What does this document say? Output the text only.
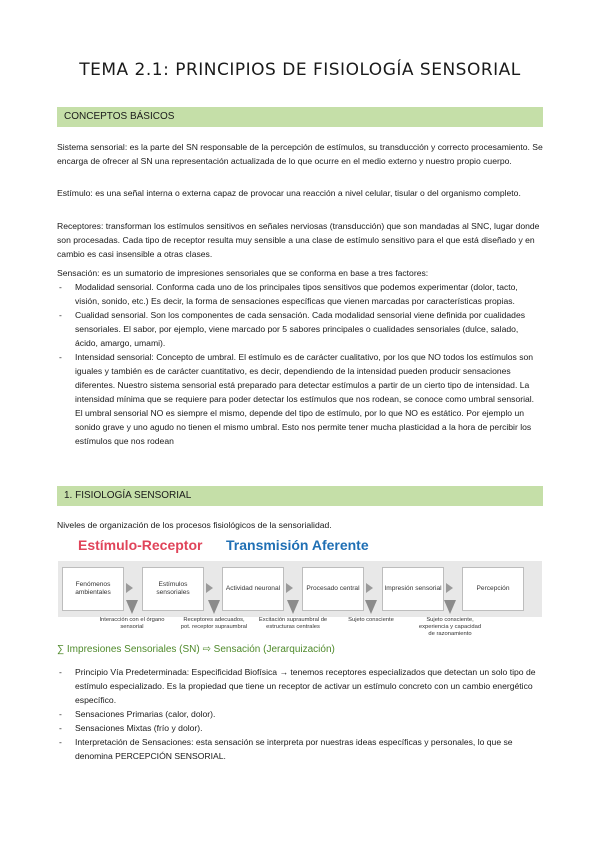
TEMA 2.1: PRINCIPIOS DE FISIOLOGÍA SENSORIAL
CONCEPTOS BÁSICOS

Sistema sensorial: es la parte del SN responsable de la percepción de estímulos, su transducción y correcto procesamiento. Se encarga de ofrecer al SN una representación actualizada de lo que ocurre en el medio externo y nuestro propio cuerpo.

Estímulo: es una señal interna o externa capaz de provocar una reacción a nivel celular, tisular o del organismo completo.

Receptores: transforman los estímulos sensitivos en señales nerviosas (transducción) que son mandadas al SNC, lugar donde son procesadas. Cada tipo de receptor resulta muy sensible a una clase de estímulo sensitivo para el que está diseñado y en cambio es casi insensible a otras clases.

Sensación: es un sumatorio de impresiones sensoriales que se conforma en base a tres factores:

- Modalidad sensorial. Conforma cada uno de los principales tipos sensitivos que podemos experimentar (dolor, tacto, visión, sonido, etc.) Es decir, la forma de sensaciones específicas que vienen marcadas por características propias.
- Cualidad sensorial. Son los componentes de cada sensación. Cada modalidad sensorial viene definida por cualidades sensoriales. El sabor, por ejemplo, viene marcado por 5 sabores principales o cualidades sensoriales (dulce, salado, ácido, amargo, umami).
- Intensidad sensorial: Concepto de umbral. El estímulo es de carácter cualitativo, por los que NO todos los estímulos son iguales y también es de carácter cuantitativo, es decir, dependiendo de la intensidad pueden producir sensaciones diferentes. Nuestro sistema sensorial está preparado para detectar estímulos a partir de un cierto tipo de intensidad. La intensidad mínima que se requiere para poder detectar los estímulos que nos rodean, se conoce como umbral sensorial. El umbral sensorial NO es siempre el mismo, depende del tipo de estímulo, por lo que NO es estático. Por ejemplo un sonido grave y uno agudo no tienen el mismo umbral. Esto nos permite tener mucha plasticidad a la hora de percibir los estímulos que nos rodean
1. FISIOLOGÍA SENSORIAL

Niveles de organización de los procesos fisiológicos de la sensorialidad.

Estímulo-Receptor Transmisión Aferente
Fenómenos ambientales
Estímulos sensoriales
Actividad neuronal	Procesado central	Impresión sensorial	Percepción
Interacción con el órgano sensorial
Receptores adecuados, pot. receptor supraumbral
Excitación supraumbral de estructuras centrales
Sujeto consciente	Sujeto consciente, experiencia y capacidad de razonamiento
∑ Impresiones Sensoriales (SN) ⇨ Sensación (Jerarquización)
- Principio Vía Predeterminada: Especificidad Biofísica → tenemos receptores especializados que detectan un solo tipo de estímulo especializado. Es la propiedad que tiene un receptor de activar un estímulo concreto con un cambio energético específico.
- Sensaciones Primarias (calor, dolor).
- Sensaciones Mixtas (frío y dolor).
- Interpretación de Sensaciones: esta sensación se interpreta por nuestras ideas específicas y personales, lo que se denomina PERCEPCIÓN SENSORIAL.
